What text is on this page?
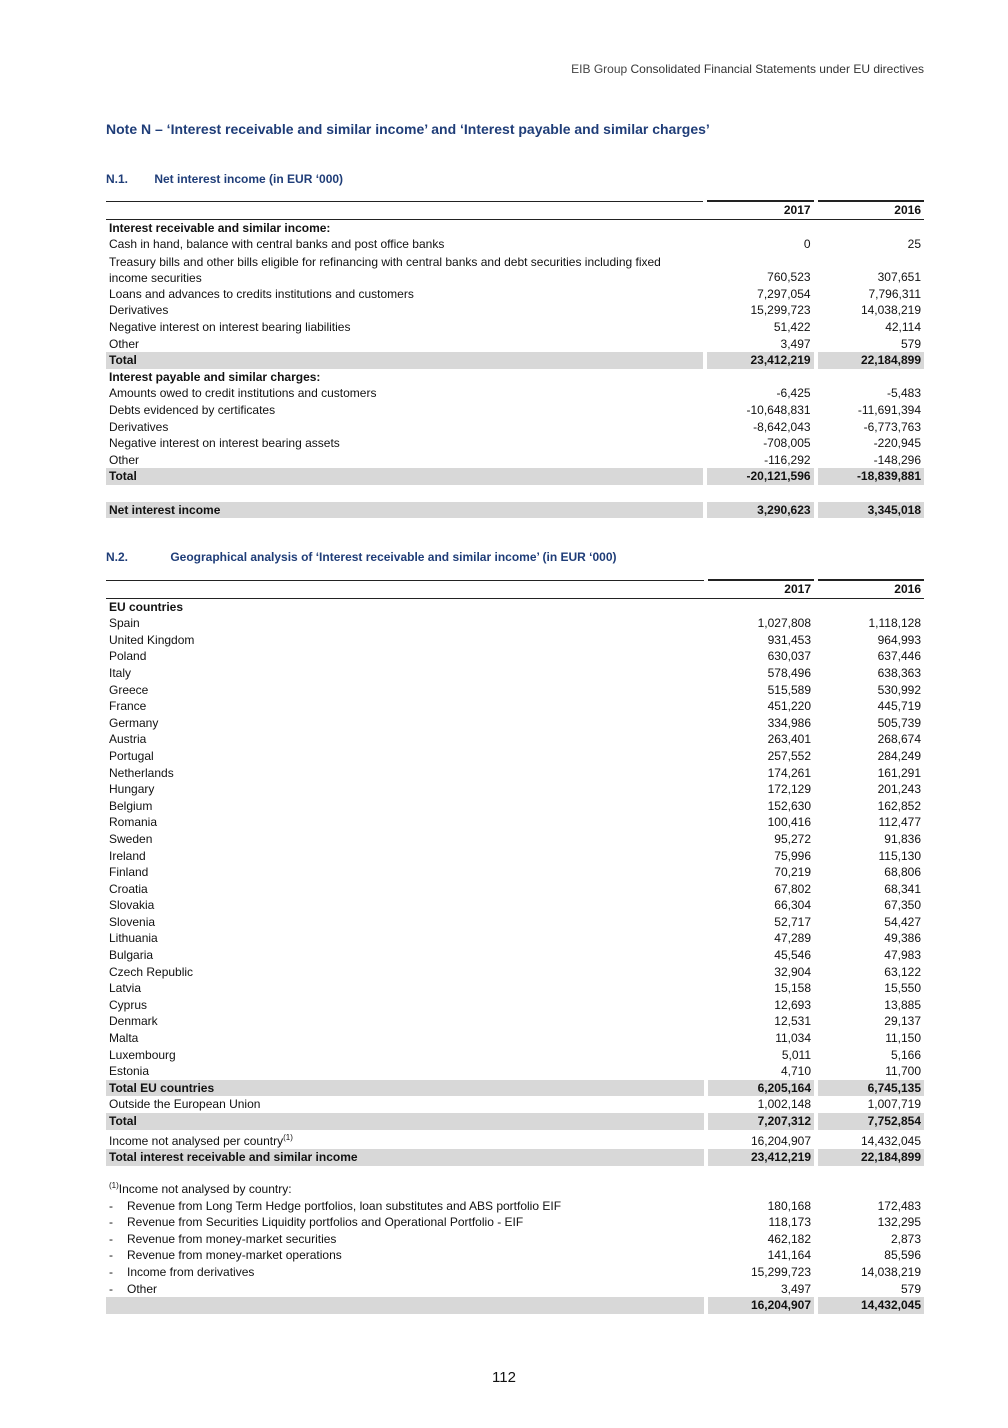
EIB Group Consolidated Financial Statements under EU directives
Note N – ‘Interest receivable and similar income’ and ‘Interest payable and similar charges’
N.1. Net interest income (in EUR ‘000)
		2017		2016
Interest receivable and similar income:				
Cash in hand, balance with central banks and post office banks		0		25
Treasury bills and other bills eligible for refinancing with central banks and debt securities including fixed income securities		760,523		307,651
Loans and advances to credits institutions and customers		7,297,054		7,796,311
Derivatives		15,299,723		14,038,219
Negative interest on interest bearing liabilities		51,422		42,114
Other		3,497		579
Total		23,412,219		22,184,899
Interest payable and similar charges:				
Amounts owed to credit institutions and customers		-6,425		-5,483
Debts evidenced by certificates		-10,648,831		-11,691,394
Derivatives		-8,642,043		-6,773,763
Negative interest on interest bearing assets		-708,005		-220,945
Other		-116,292		-148,296
Total		-20,121,596		-18,839,881

Net interest income		3,290,623		3,345,018
N.2.	Geographical analysis of ‘Interest receivable and similar income’ (in EUR ‘000)
		2017		2016
EU countries				
Spain		1,027,808		1,118,128
United Kingdom		931,453		964,993
Poland		630,037		637,446
Italy		578,496		638,363
Greece		515,589		530,992
France		451,220		445,719
Germany		334,986		505,739
Austria		263,401		268,674
Portugal		257,552		284,249
Netherlands		174,261		161,291
Hungary		172,129		201,243
Belgium		152,630		162,852
Romania		100,416		112,477
Sweden		95,272		91,836
Ireland		75,996		115,130
Finland		70,219		68,806
Croatia		67,802		68,341
Slovakia		66,304		67,350
Slovenia		52,717		54,427
Lithuania		47,289		49,386
Bulgaria		45,546		47,983
Czech Republic		32,904		63,122
Latvia		15,158		15,550
Cyprus		12,693		13,885
Denmark		12,531		29,137
Malta		11,034		11,150
Luxembourg		5,011		5,166
Estonia		4,710		11,700
Total EU countries		6,205,164		6,745,135
Outside the European Union		1,002,148		1,007,719
Total		7,207,312		7,752,854
Income not analysed per country$^{(1)}$		16,204,907		14,432,045
Total interest receivable and similar income		23,412,219		22,184,899
$^{(1)}$Income not analysed by country:				
- Revenue from Long Term Hedge portfolios, loan substitutes and ABS portfolio EIF		180,168		172,483
- Revenue from Securities Liquidity portfolios and Operational Portfolio - EIF		118,173		132,295
- Revenue from money-market securities		462,182		2,873
- Revenue from money-market operations		141,164		85,596
- Income from derivatives		15,299,723		14,038,219
- Other		3,497		579
		16,204,907		14,432,045
112
